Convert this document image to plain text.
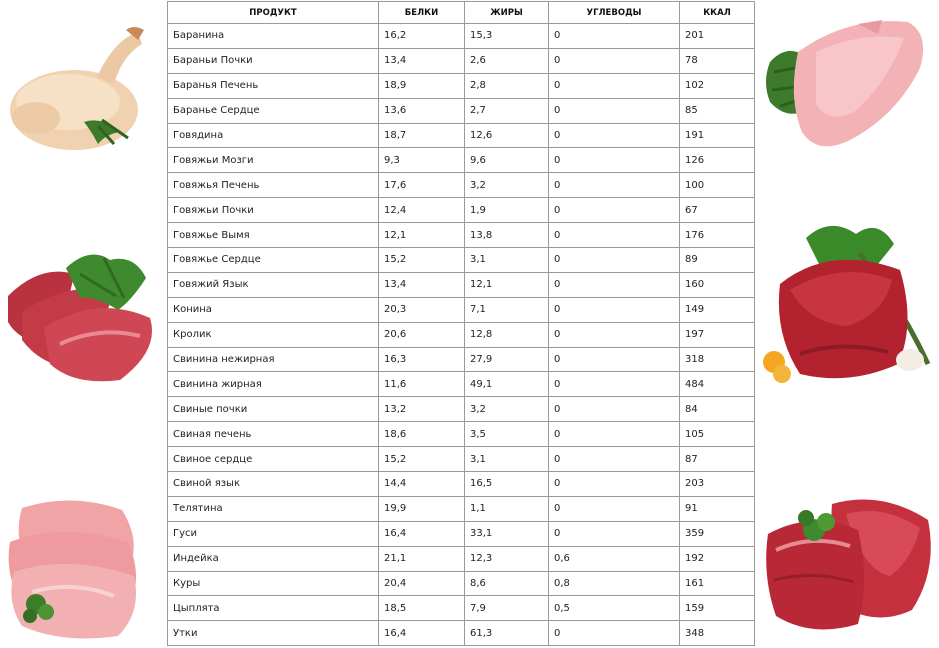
ПРОДУКТ	БЕЛКИ	ЖИРЫ	УГЛЕВОДЫ	ККАЛ
Баранина	16,2	15,3	0	201
Бараньи Почки	13,4	2,6	0	78
Баранья Печень	18,9	2,8	0	102
Баранье Сердце	13,6	2,7	0	85
Говядина	18,7	12,6	0	191
Говяжьи Мозги	9,3	9,6	0	126
Говяжья Печень	17,6	3,2	0	100
Говяжьи Почки	12,4	1,9	0	67
Говяжье Вымя	12,1	13,8	0	176
Говяжье Сердце	15,2	3,1	0	89
Говяжий Язык	13,4	12,1	0	160
Конина	20,3	7,1	0	149
Кролик	20,6	12,8	0	197
Свинина нежирная	16,3	27,9	0	318
Свинина жирная	11,6	49,1	0	484
Свиные почки	13,2	3,2	0	84
Свиная печень	18,6	3,5	0	105
Свиное сердце	15,2	3,1	0	87
Свиной язык	14,4	16,5	0	203
Телятина	19,9	1,1	0	91
Гуси	16,4	33,1	0	359
Индейка	21,1	12,3	0,6	192
Куры	20,4	8,6	0,8	161
Цыплята	18,5	7,9	0,5	159
Утки	16,4	61,3	0	348
